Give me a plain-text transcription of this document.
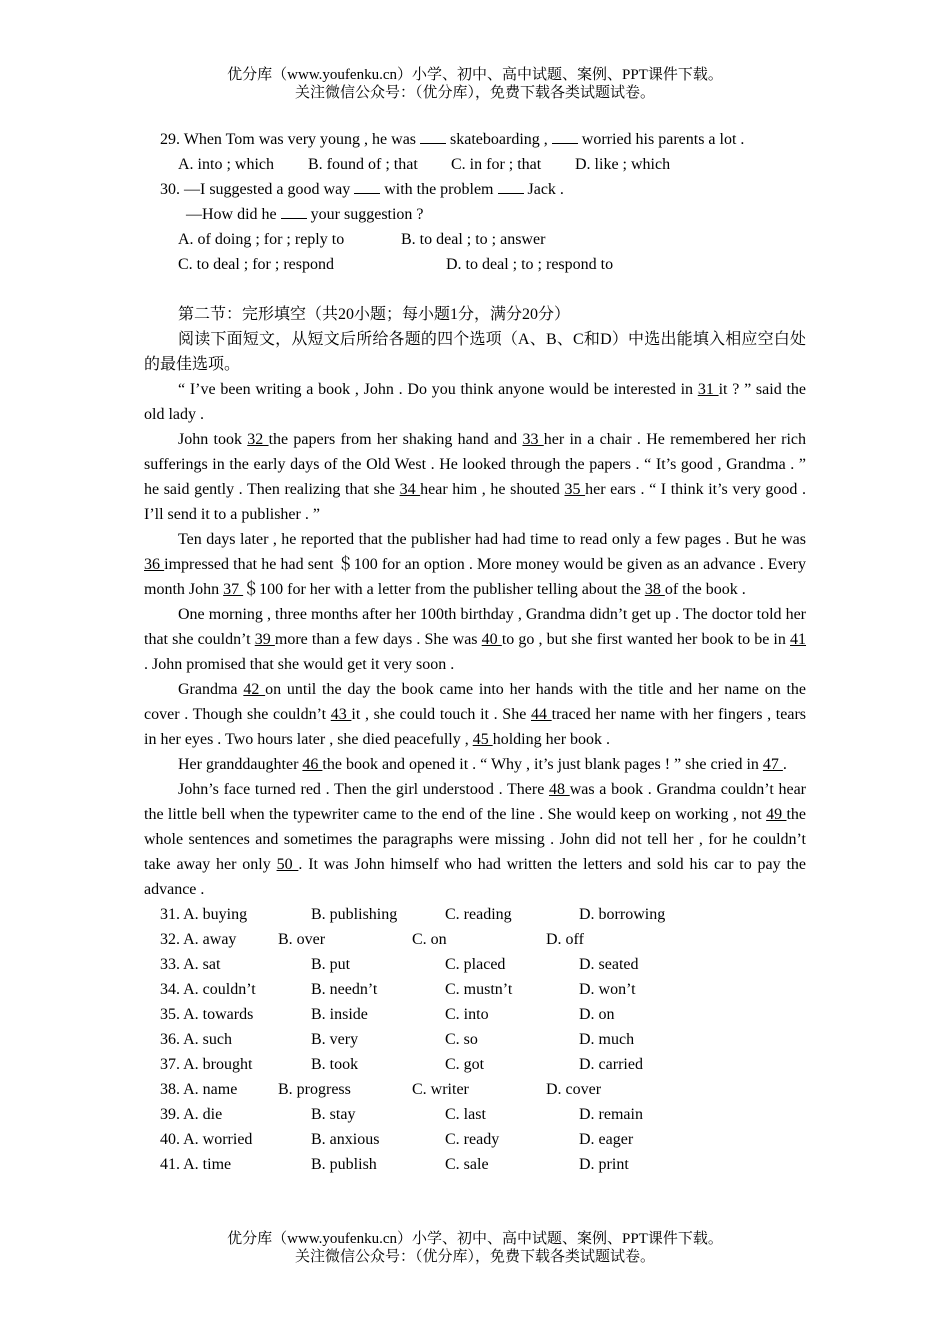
优分库（www.youfenku.cn）小学、初中、高中试题、案例、PPT课件下载。
关注微信公众号：（优分库），免费下载各类试题试卷。
29. When Tom was very young , he was  skateboarding ,  worried his parents a lot .
A. into ; which B. found of ; that C. in for ; that D. like ; which
30. —I suggested a good way  with the problem  Jack .
—How did he  your suggestion ?
A. of doing ; for ; reply to	B. to deal ; to ; answer
C. to deal ; for ; respond	D. to deal ; to ; respond to
第二节：完形填空（共20小题；每小题1分，满分20分）

阅读下面短文，从短文后所给各题的四个选项（A、B、C和D）中选出能填入相应空白处的最佳选项。

“ I’ve been writing a book , John . Do you think anyone would be interested in 31 it ? ” said the old lady .

John took 32 the papers from her shaking hand and 33 her in a chair . He remembered her rich sufferings in the early days of the Old West . He looked through the papers . “ It’s good , Grandma . ” he said gently . Then realizing that she 34 hear him , he shouted 35 her ears . “ I think it’s very good . I’ll send it to a publisher . ”

Ten days later , he reported that the publisher had had time to read only a few pages . But he was 36 impressed that he had sent ＄100 for an option . More money would be given as an advance . Every month John 37 ＄100 for her with a letter from the publisher telling about the 38 of the book .

One morning , three months after her 100th birthday , Grandma didn’t get up . The doctor told her that she couldn’t 39 more than a few days . She was 40 to go , but she first wanted her book to be in 41 . John promised that she would get it very soon .

Grandma 42 on until the day the book came into her hands with the title and her name on the cover . Though she couldn’t 43 it , she could touch it . She 44 traced her name with her fingers , tears in her eyes . Two hours later , she died peacefully , 45 holding her book .

Her granddaughter 46 the book and opened it . “ Why , it’s just blank pages ! ” she cried in 47 .

John’s face turned red . Then the girl understood . There 48 was a book . Grandma couldn’t hear the little bell when the typewriter came to the end of the line . She would keep on working , not 49 the whole sentences and sometimes the paragraphs were missing . John did not tell her , for he couldn’t take away her only 50 . It was John himself who had written the letters and sold his car to pay the advance .

31. A. buying	B. publishing	C. reading	D. borrowing
32. A. away	B. over	C. on	D. off
33. A. sat	B. put	C. placed	D. seated
34. A. couldn’t	B. needn’t	C. mustn’t	D. won’t
35. A. towards	B. inside	C. into	D. on
36. A. such	B. very	C. so	D. much
37. A. brought	B. took	C. got	D. carried
38. A. name	B. progress	C. writer	D. cover
39. A. die	B. stay	C. last	D. remain
40. A. worried	B. anxious	C. ready	D. eager
41. A. time	B. publish	C. sale	D. print
优分库（www.youfenku.cn）小学、初中、高中试题、案例、PPT课件下载。
关注微信公众号：（优分库），免费下载各类试题试卷。
